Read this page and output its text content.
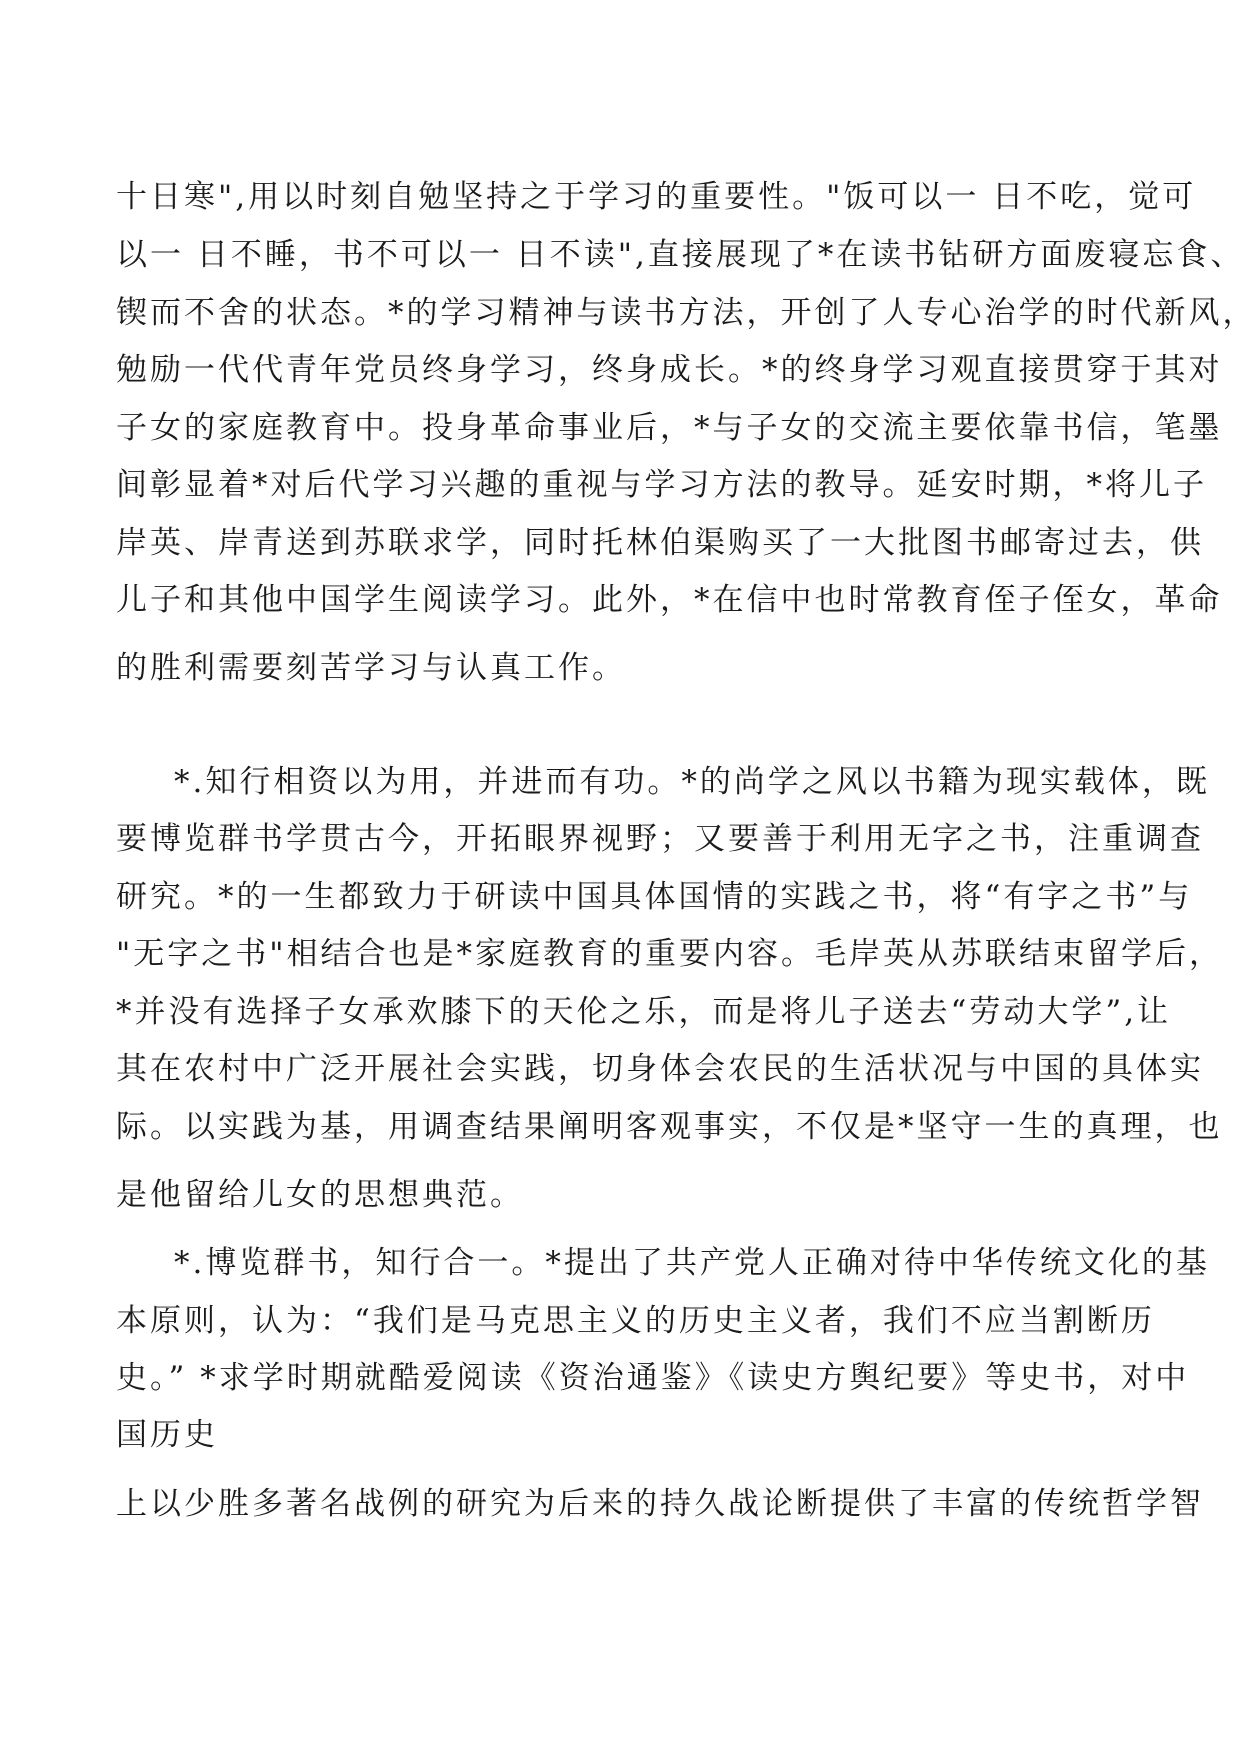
十日寒",用以时刻自勉坚持之于学习的重要性。"饭可以一 日不吃，觉可
以一 日不睡，书不可以一 日不读",直接展现了*在读书钻研方面废寝忘食、
锲而不舍的状态。*的学习精神与读书方法，开创了人专心治学的时代新风，
勉励一代代青年党员终身学习，终身成长。*的终身学习观直接贯穿于其对
子女的家庭教育中。投身革命事业后，*与子女的交流主要依靠书信，笔墨
间彰显着*对后代学习兴趣的重视与学习方法的教导。延安时期，*将儿子
岸英、岸青送到苏联求学，同时托林伯渠购买了一大批图书邮寄过去，供
儿子和其他中国学生阅读学习。此外，*在信中也时常教育侄子侄女，革命
的胜利需要刻苦学习与认真工作。
*.知行相资以为用，并进而有功。*的尚学之风以书籍为现实载体，既
要博览群书学贯古今，开拓眼界视野；又要善于利用无字之书，注重调查
研究。*的一生都致力于研读中国具体国情的实践之书，将“有字之书”与
"无字之书"相结合也是*家庭教育的重要内容。毛岸英从苏联结束留学后，
*并没有选择子女承欢膝下的天伦之乐，而是将儿子送去“劳动大学”,让
其在农村中广泛开展社会实践，切身体会农民的生活状况与中国的具体实
际。以实践为基，用调查结果阐明客观事实，不仅是*坚守一生的真理，也
是他留给儿女的思想典范。
*.博览群书，知行合一。*提出了共产党人正确对待中华传统文化的基
本原则，认为：“我们是马克思主义的历史主义者，我们不应当割断历
史。” *求学时期就酷爱阅读《资治通鉴》《读史方舆纪要》等史书，对中
国历史
上以少胜多著名战例的研究为后来的持久战论断提供了丰富的传统哲学智
